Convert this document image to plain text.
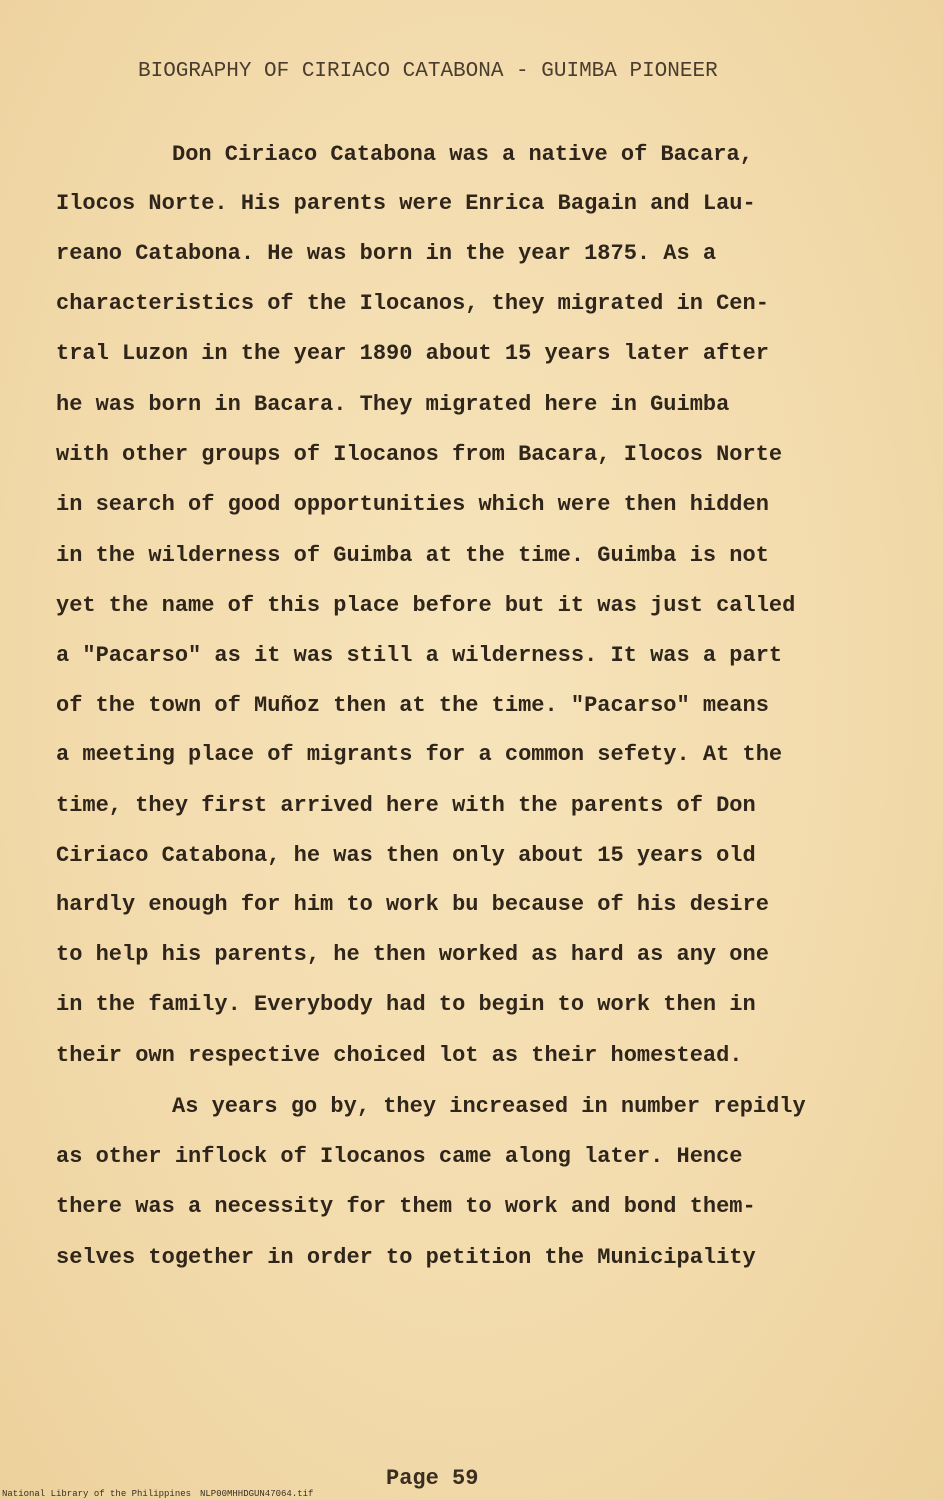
BIOGRAPHY OF CIRIACO CATABONA - GUIMBA PIONEER
Don Ciriaco Catabona was a native of Bacara,
Ilocos Norte. His parents were Enrica Bagain and Lau-
reano Catabona. He was born in the year 1875. As a
characteristics of the Ilocanos, they migrated in Cen-
tral Luzon in the year 1890 about 15 years later after
he was born in Bacara. They migrated here in Guimba
with other groups of Ilocanos from Bacara, Ilocos Norte
in search of good opportunities which were then hidden
in the wilderness of Guimba at the time. Guimba is not
yet the name of this place before but it was just called
a "Pacarso" as it was still a wilderness. It was a part
of the town of Muñoz then at the time. "Pacarso" means
a meeting place of migrants for a common sefety. At the
time, they first arrived here with the parents of Don
Ciriaco Catabona, he was then only about 15 years old
hardly enough for him to work bu because of his desire
to help his parents, he then worked as hard as any one
in the family. Everybody had to begin to work then in
their own respective choiced lot as their homestead.
As years go by, they increased in number repidly
as other inflock of Ilocanos came along later. Hence
there was a necessity for them to work and bond them-
selves together in order to petition the Municipality
Page 59
National Library of the Philippines NLP00MHHDGUN47064.tif
